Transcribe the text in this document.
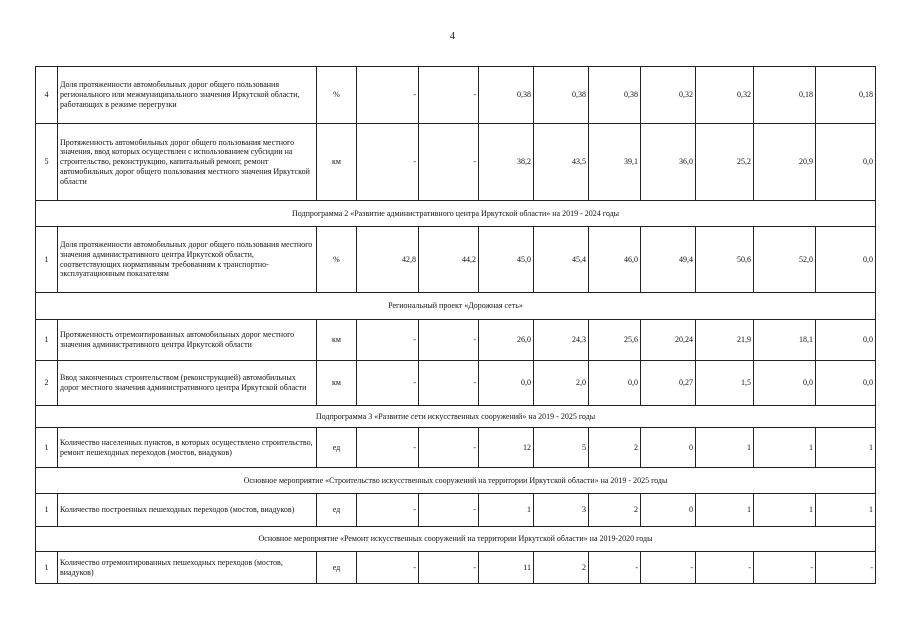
4
4	Доля протяженности автомобильных дорог общего пользования регионального или межмуниципального значения Иркутской области, работающих в режиме перегрузки	%	-	-	0,38	0,38	0,38	0,32	0,32	0,18	0,18
5	Протяженность автомобильных дорог общего пользования местного значения, ввод которых осуществлен с использованием субсидии на строительство, реконструкцию, капитальный ремонт, ремонт автомобильных дорог общего пользования местного значения Иркутской области	км	-	-	38,2	43,5	39,1	36,0	25,2	20,9	0,0
Подпрограмма 2 «Развитие административного центра Иркутской области» на 2019 - 2024 годы											
1	Доля протяженности автомобильных дорог общего пользования местного значения административного центра Иркутской области, соответствующих нормативным требованиям к транспортно-эксплуатационным показателям	%	42,8	44,2	45,0	45,4	46,0	49,4	50,6	52,0	0,0
Региональный проект «Дорожная сеть»											
1	Протяженность отремонтированных автомобильных дорог местного значения административного центра Иркутской области	км	-	-	26,0	24,3	25,6	20,24	21,9	18,1	0,0
2	Ввод законченных строительством (реконструкцией) автомобильных дорог местного значения административного центра Иркутской области	км	-	-	0,0	2,0	0,0	0,27	1,5	0,0	0,0
Подпрограмма 3 «Развитие сети искусственных сооружений» на 2019 - 2025 годы											
1	Количество населенных пунктов, в которых осуществлено строительство, ремонт пешеходных переходов (мостов, виадуков)	ед	-	-	12	5	2	0	1	1	1
Основное мероприятие «Строительство искусственных сооружений на территории Иркутской области» на 2019 - 2025 годы											
1	Количество построенных пешеходных переходов (мостов, виадуков)	ед	-	-	1	3	2	0	1	1	1
Основное мероприятие «Ремонт искусственных сооружений на территории Иркутской области» на 2019-2020 годы											
1	Количество отремонтированных пешеходных переходов (мостов, виадуков)	ед	-	-	11	2	-	-	-	-	-
